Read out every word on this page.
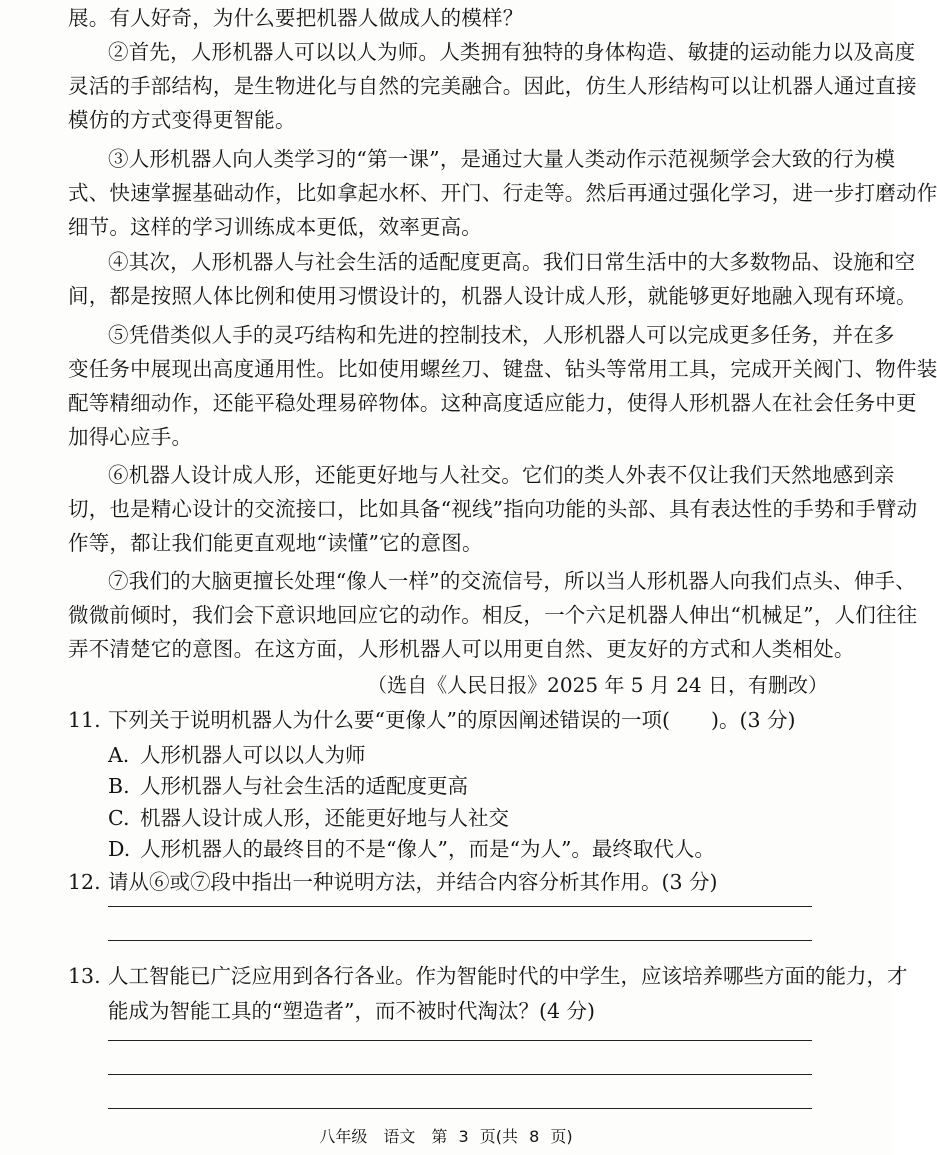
展。有人好奇，为什么要把机器人做成人的模样？
②首先，人形机器人可以以人为师。人类拥有独特的身体构造、敏捷的运动能力以及高度
灵活的手部结构，是生物进化与自然的完美融合。因此，仿生人形结构可以让机器人通过直接
模仿的方式变得更智能。
③人形机器人向人类学习的“第一课”，是通过大量人类动作示范视频学会大致的行为模
式、快速掌握基础动作，比如拿起水杯、开门、行走等。然后再通过强化学习，进一步打磨动作
细节。这样的学习训练成本更低，效率更高。
④其次，人形机器人与社会生活的适配度更高。我们日常生活中的大多数物品、设施和空
间，都是按照人体比例和使用习惯设计的，机器人设计成人形，就能够更好地融入现有环境。
⑤凭借类似人手的灵巧结构和先进的控制技术，人形机器人可以完成更多任务，并在多
变任务中展现出高度通用性。比如使用螺丝刀、键盘、钻头等常用工具，完成开关阀门、物件装
配等精细动作，还能平稳处理易碎物体。这种高度适应能力，使得人形机器人在社会任务中更
加得心应手。
⑥机器人设计成人形，还能更好地与人社交。它们的类人外表不仅让我们天然地感到亲
切，也是精心设计的交流接口，比如具备“视线”指向功能的头部、具有表达性的手势和手臂动
作等，都让我们能更直观地“读懂”它的意图。
⑦我们的大脑更擅长处理“像人一样”的交流信号，所以当人形机器人向我们点头、伸手、
微微前倾时，我们会下意识地回应它的动作。相反，一个六足机器人伸出“机械足”，人们往往
弄不清楚它的意图。在这方面，人形机器人可以用更自然、更友好的方式和人类相处。
（选自《人民日报》2025 年 5 月 24 日，有删改）
11. 下列关于说明机器人为什么要“更像人”的原因阐述错误的一项(　　)。(3 分)
A. 人形机器人可以以人为师
B. 人形机器人与社会生活的适配度更高
C. 机器人设计成人形，还能更好地与人社交
D. 人形机器人的最终目的不是“像人”，而是“为人”。最终取代人。
12. 请从⑥或⑦段中指出一种说明方法，并结合内容分析其作用。(3 分)
13. 人工智能已广泛应用到各行各业。作为智能时代的中学生，应该培养哪些方面的能力，才
能成为智能工具的“塑造者”，而不被时代淘汰？(4 分)
八年级　语文　第 3 页(共 8 页)
